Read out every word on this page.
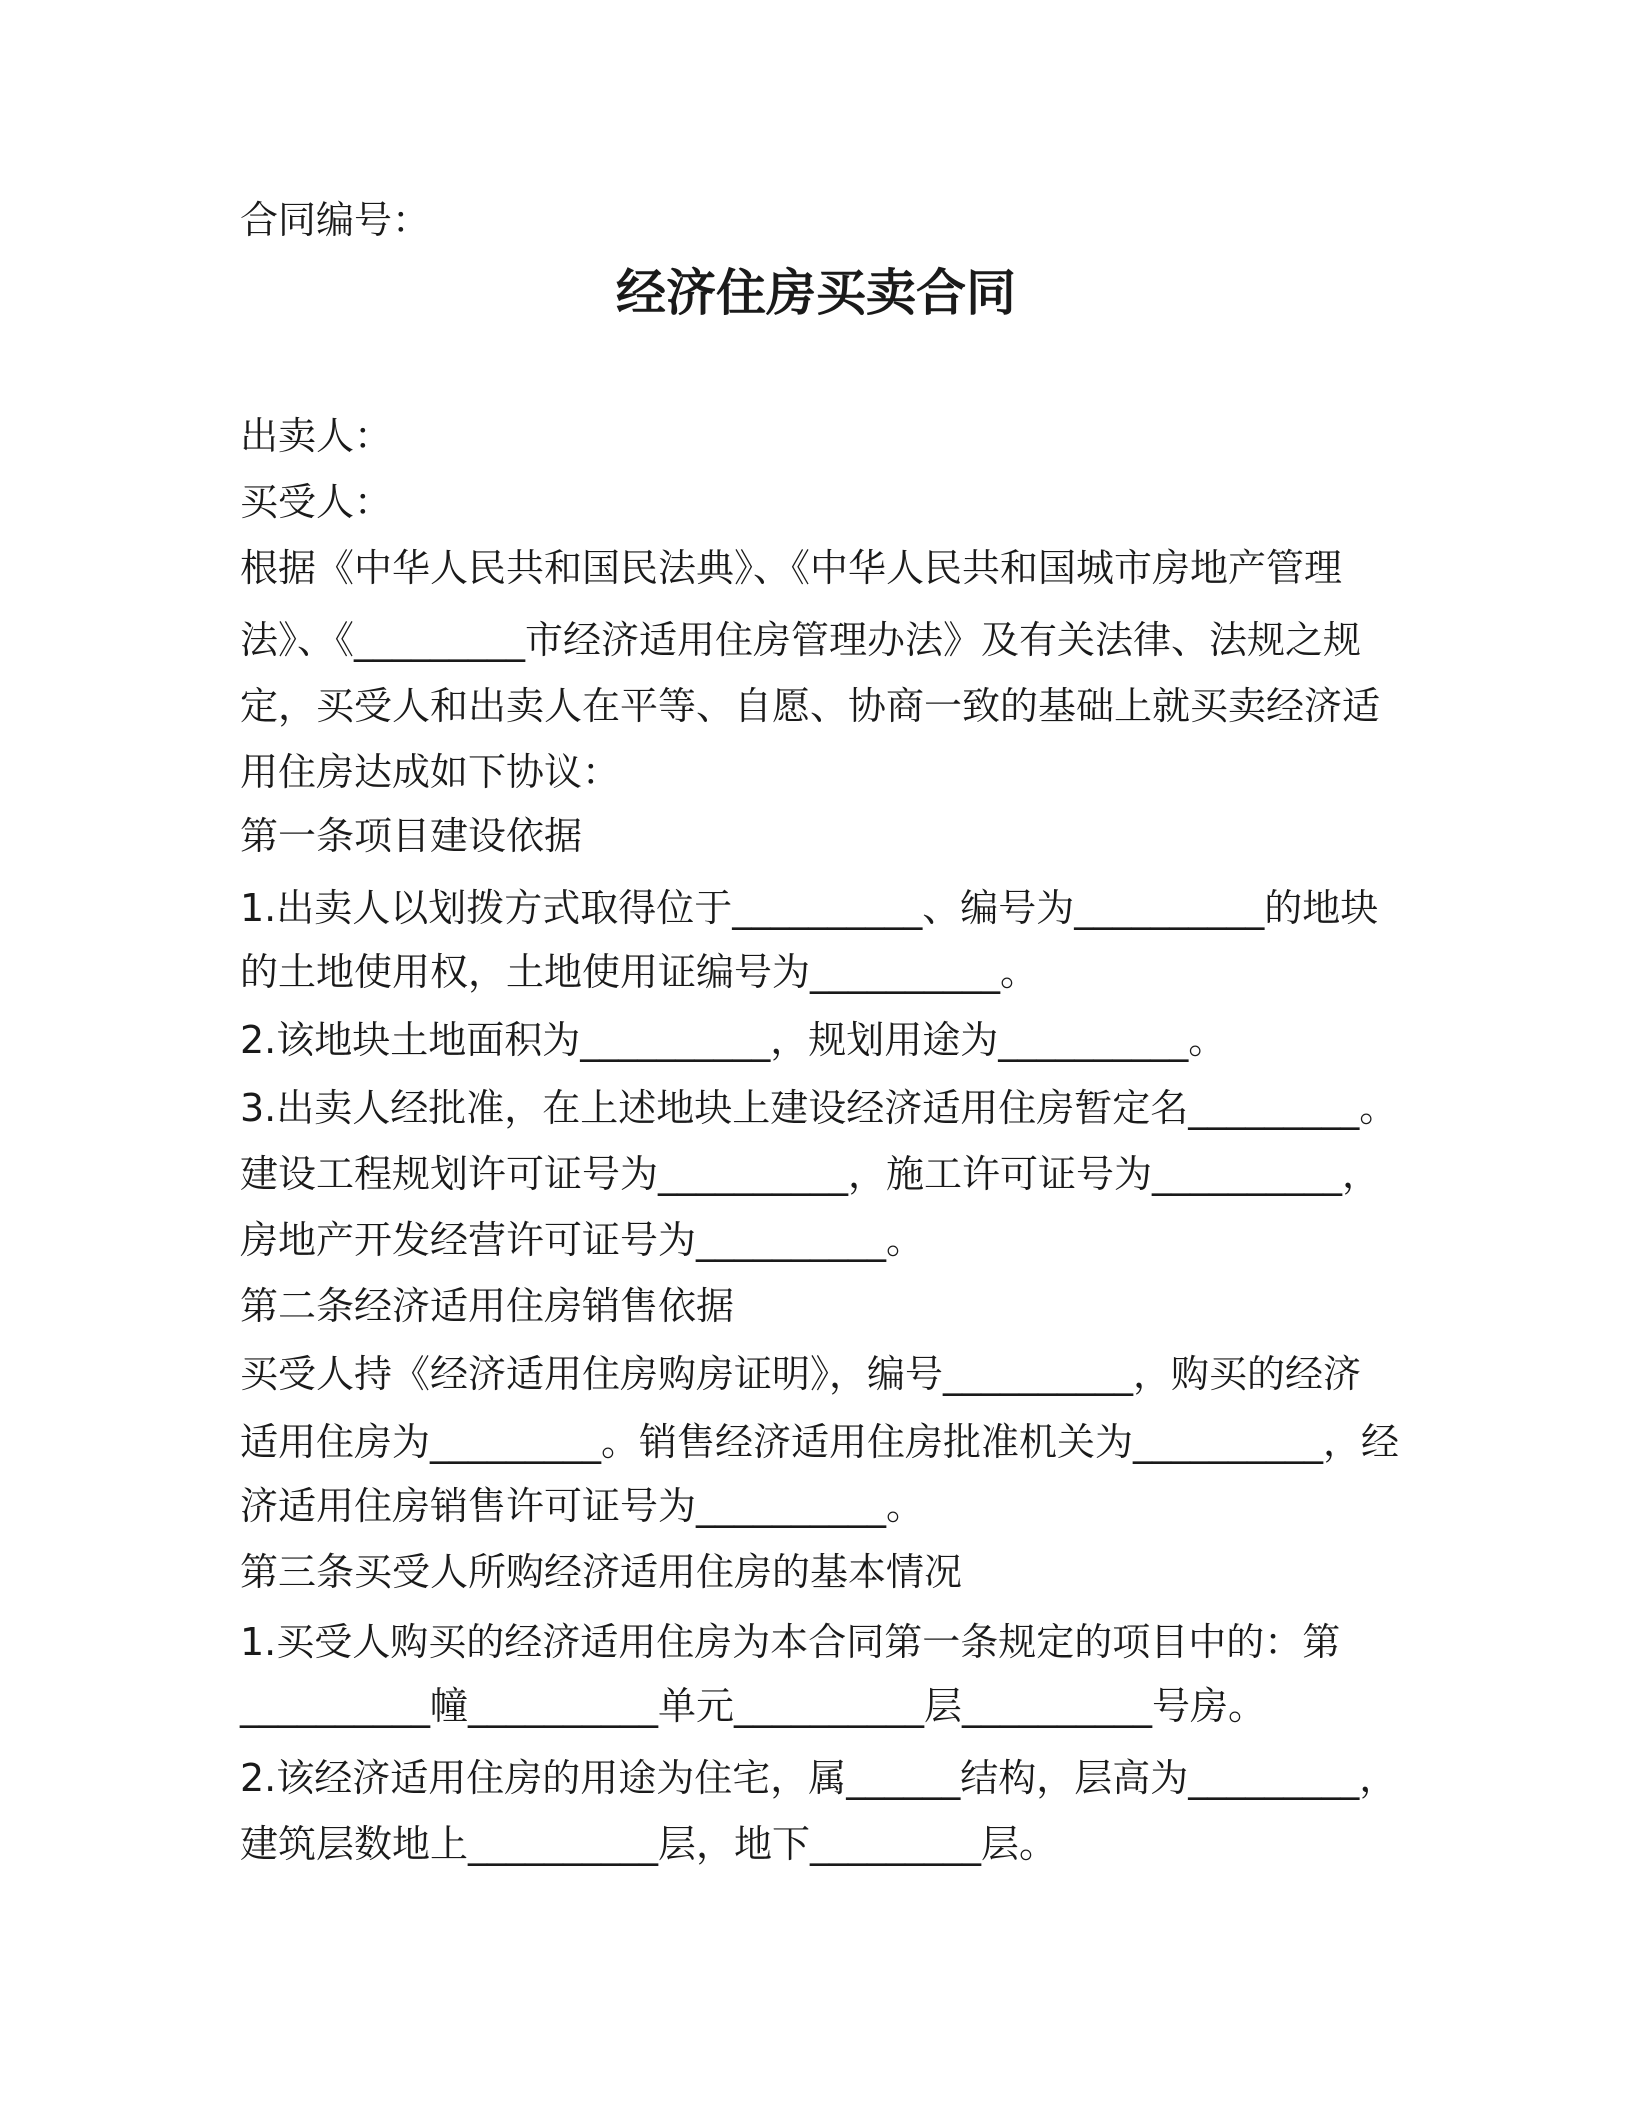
合同编号：

经济住房买卖合同

出卖人：

买受人：

根据《中华人民共和国民法典》、《中华人民共和国城市房地产管理

法》、《_________市经济适用住房管理办法》及有关法律、法规之规

定，买受人和出卖人在平等、自愿、协商一致的基础上就买卖经济适

用住房达成如下协议：

第一条项目建设依据

1.出卖人以划拨方式取得位于__________、编号为__________的地块

的土地使用权，土地使用证编号为__________。

2.该地块土地面积为__________，规划用途为__________。

3.出卖人经批准，在上述地块上建设经济适用住房暂定名_________。

建设工程规划许可证号为__________，施工许可证号为__________，

房地产开发经营许可证号为__________。

第二条经济适用住房销售依据

买受人持《经济适用住房购房证明》，编号__________，购买的经济

适用住房为_________。销售经济适用住房批准机关为__________，经

济适用住房销售许可证号为__________。

第三条买受人所购经济适用住房的基本情况

1.买受人购买的经济适用住房为本合同第一条规定的项目中的：第

__________幢__________单元__________层__________号房。

2.该经济适用住房的用途为住宅，属______结构，层高为_________，

建筑层数地上__________层，地下_________层。
